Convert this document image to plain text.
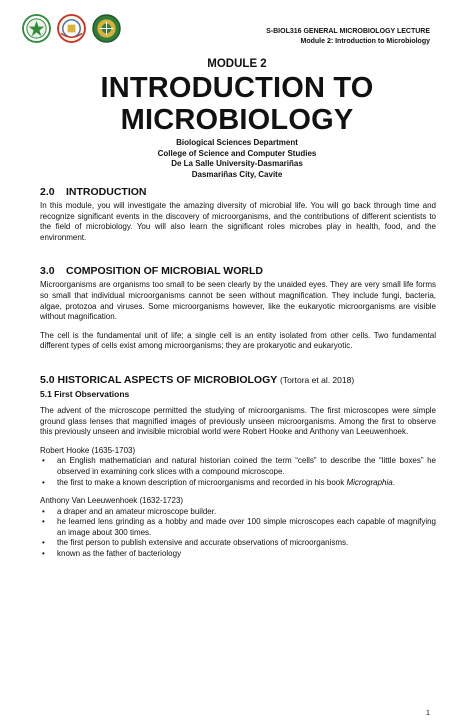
S-BIOL316 GENERAL MICROBIOLOGY LECTURE
Module 2: Introduction to Microbiology
MODULE 2
INTRODUCTION TO
MICROBIOLOGY
Biological Sciences Department
College of Science and Computer Studies
De La Salle University-Dasmariñas
Dasmariñas City, Cavite
2.0 INTRODUCTION

In this module, you will investigate the amazing diversity of microbial life. You will go back through time and recognize significant events in the discovery of microorganisms, and the contributions of different scientists to the field of microbiology. You will also learn the significant roles microbes play in health, food, and the environment.

3.0 COMPOSITION OF MICROBIAL WORLD

Microorganisms are organisms too small to be seen clearly by the unaided eyes. They are very small life forms so small that individual microorganisms cannot be seen without magnification. They include fungi, bacteria, algae, protozoa and viruses. Some microorganisms however, like the eukaryotic microorganisms are visible without magnification.

The cell is the fundamental unit of life; a single cell is an entity isolated from other cells. Two fundamental different types of cells exist among microorganisms; they are prokaryotic and eukaryotic.

5.0 HISTORICAL ASPECTS OF MICROBIOLOGY (Tortora et al. 2018)
5.1 First Observations

The advent of the microscope permitted the studying of microorganisms. The first microscopes were simple ground glass lenses that magnified images of previously unseen microorganisms. Among the first to observe this previously unseen and invisible microbial world were Robert Hooke and Anthony van Leeuwenhoek.

Robert Hooke (1635-1703)
• an English mathematician and natural historian coined the term “cells” to describe the “little boxes” he observed in examining cork slices with a compound microscope.
• the first to make a known description of microorganisms and recorded in his book Micrographia.
Anthony Van Leeuwenhoek (1632-1723)
• a draper and an amateur microscope builder.
• he learned lens grinding as a hobby and made over 100 simple microscopes each capable of magnifying an image about 300 times.
• the first person to publish extensive and accurate observations of microorganisms.
• known as the father of bacteriology
1
